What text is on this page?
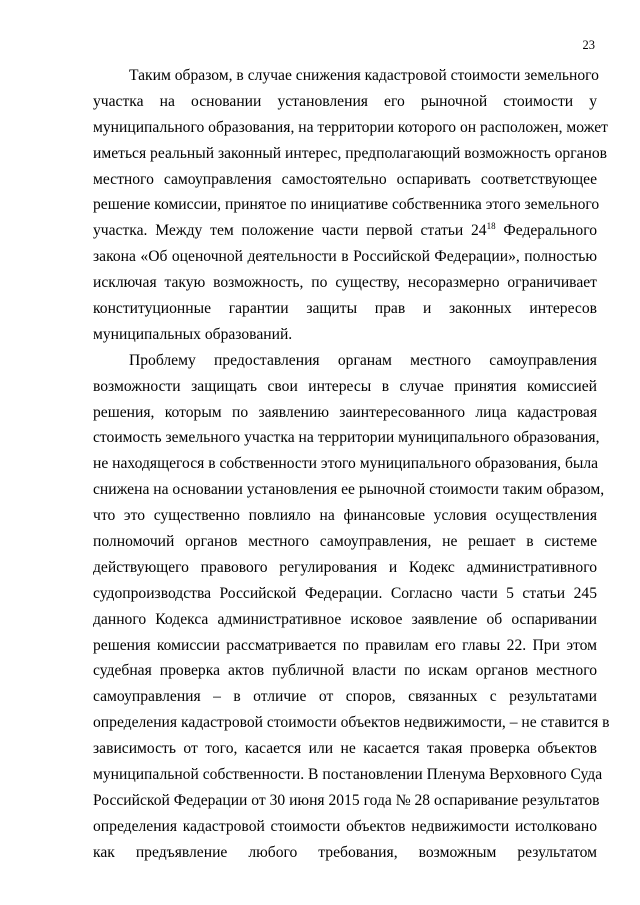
23
Таким образом, в случае снижения кадастровой стоимости земельного
участка на основании установления его рыночной стоимости у
муниципального образования, на территории которого он расположен, может
иметься реальный законный интерес, предполагающий возможность органов
местного самоуправления самостоятельно оспаривать соответствующее
решение комиссии, принятое по инициативе собственника этого земельного
участка. Между тем положение части первой статьи $24^{18}$ Федерального
закона «Об оценочной деятельности в Российской Федерации», полностью
исключая такую возможность, по существу, несоразмерно ограничивает
конституционные гарантии защиты прав и законных интересов
муниципальных образований.
Проблему предоставления органам местного самоуправления
возможности защищать свои интересы в случае принятия комиссией
решения, которым по заявлению заинтересованного лица кадастровая
стоимость земельного участка на территории муниципального образования,
не находящегося в собственности этого муниципального образования, была
снижена на основании установления ее рыночной стоимости таким образом,
что это существенно повлияло на финансовые условия осуществления
полномочий органов местного самоуправления, не решает в системе
действующего правового регулирования и Кодекс административного
судопроизводства Российской Федерации. Согласно части 5 статьи 245
данного Кодекса административное исковое заявление об оспаривании
решения комиссии рассматривается по правилам его главы 22. При этом
судебная проверка актов публичной власти по искам органов местного
самоуправления – в отличие от споров, связанных с результатами
определения кадастровой стоимости объектов недвижимости, – не ставится в
зависимость от того, касается или не касается такая проверка объектов
муниципальной собственности. В постановлении Пленума Верховного Суда
Российской Федерации от 30 июня 2015 года № 28 оспаривание результатов
определения кадастровой стоимости объектов недвижимости истолковано
как предъявление любого требования, возможным результатом
